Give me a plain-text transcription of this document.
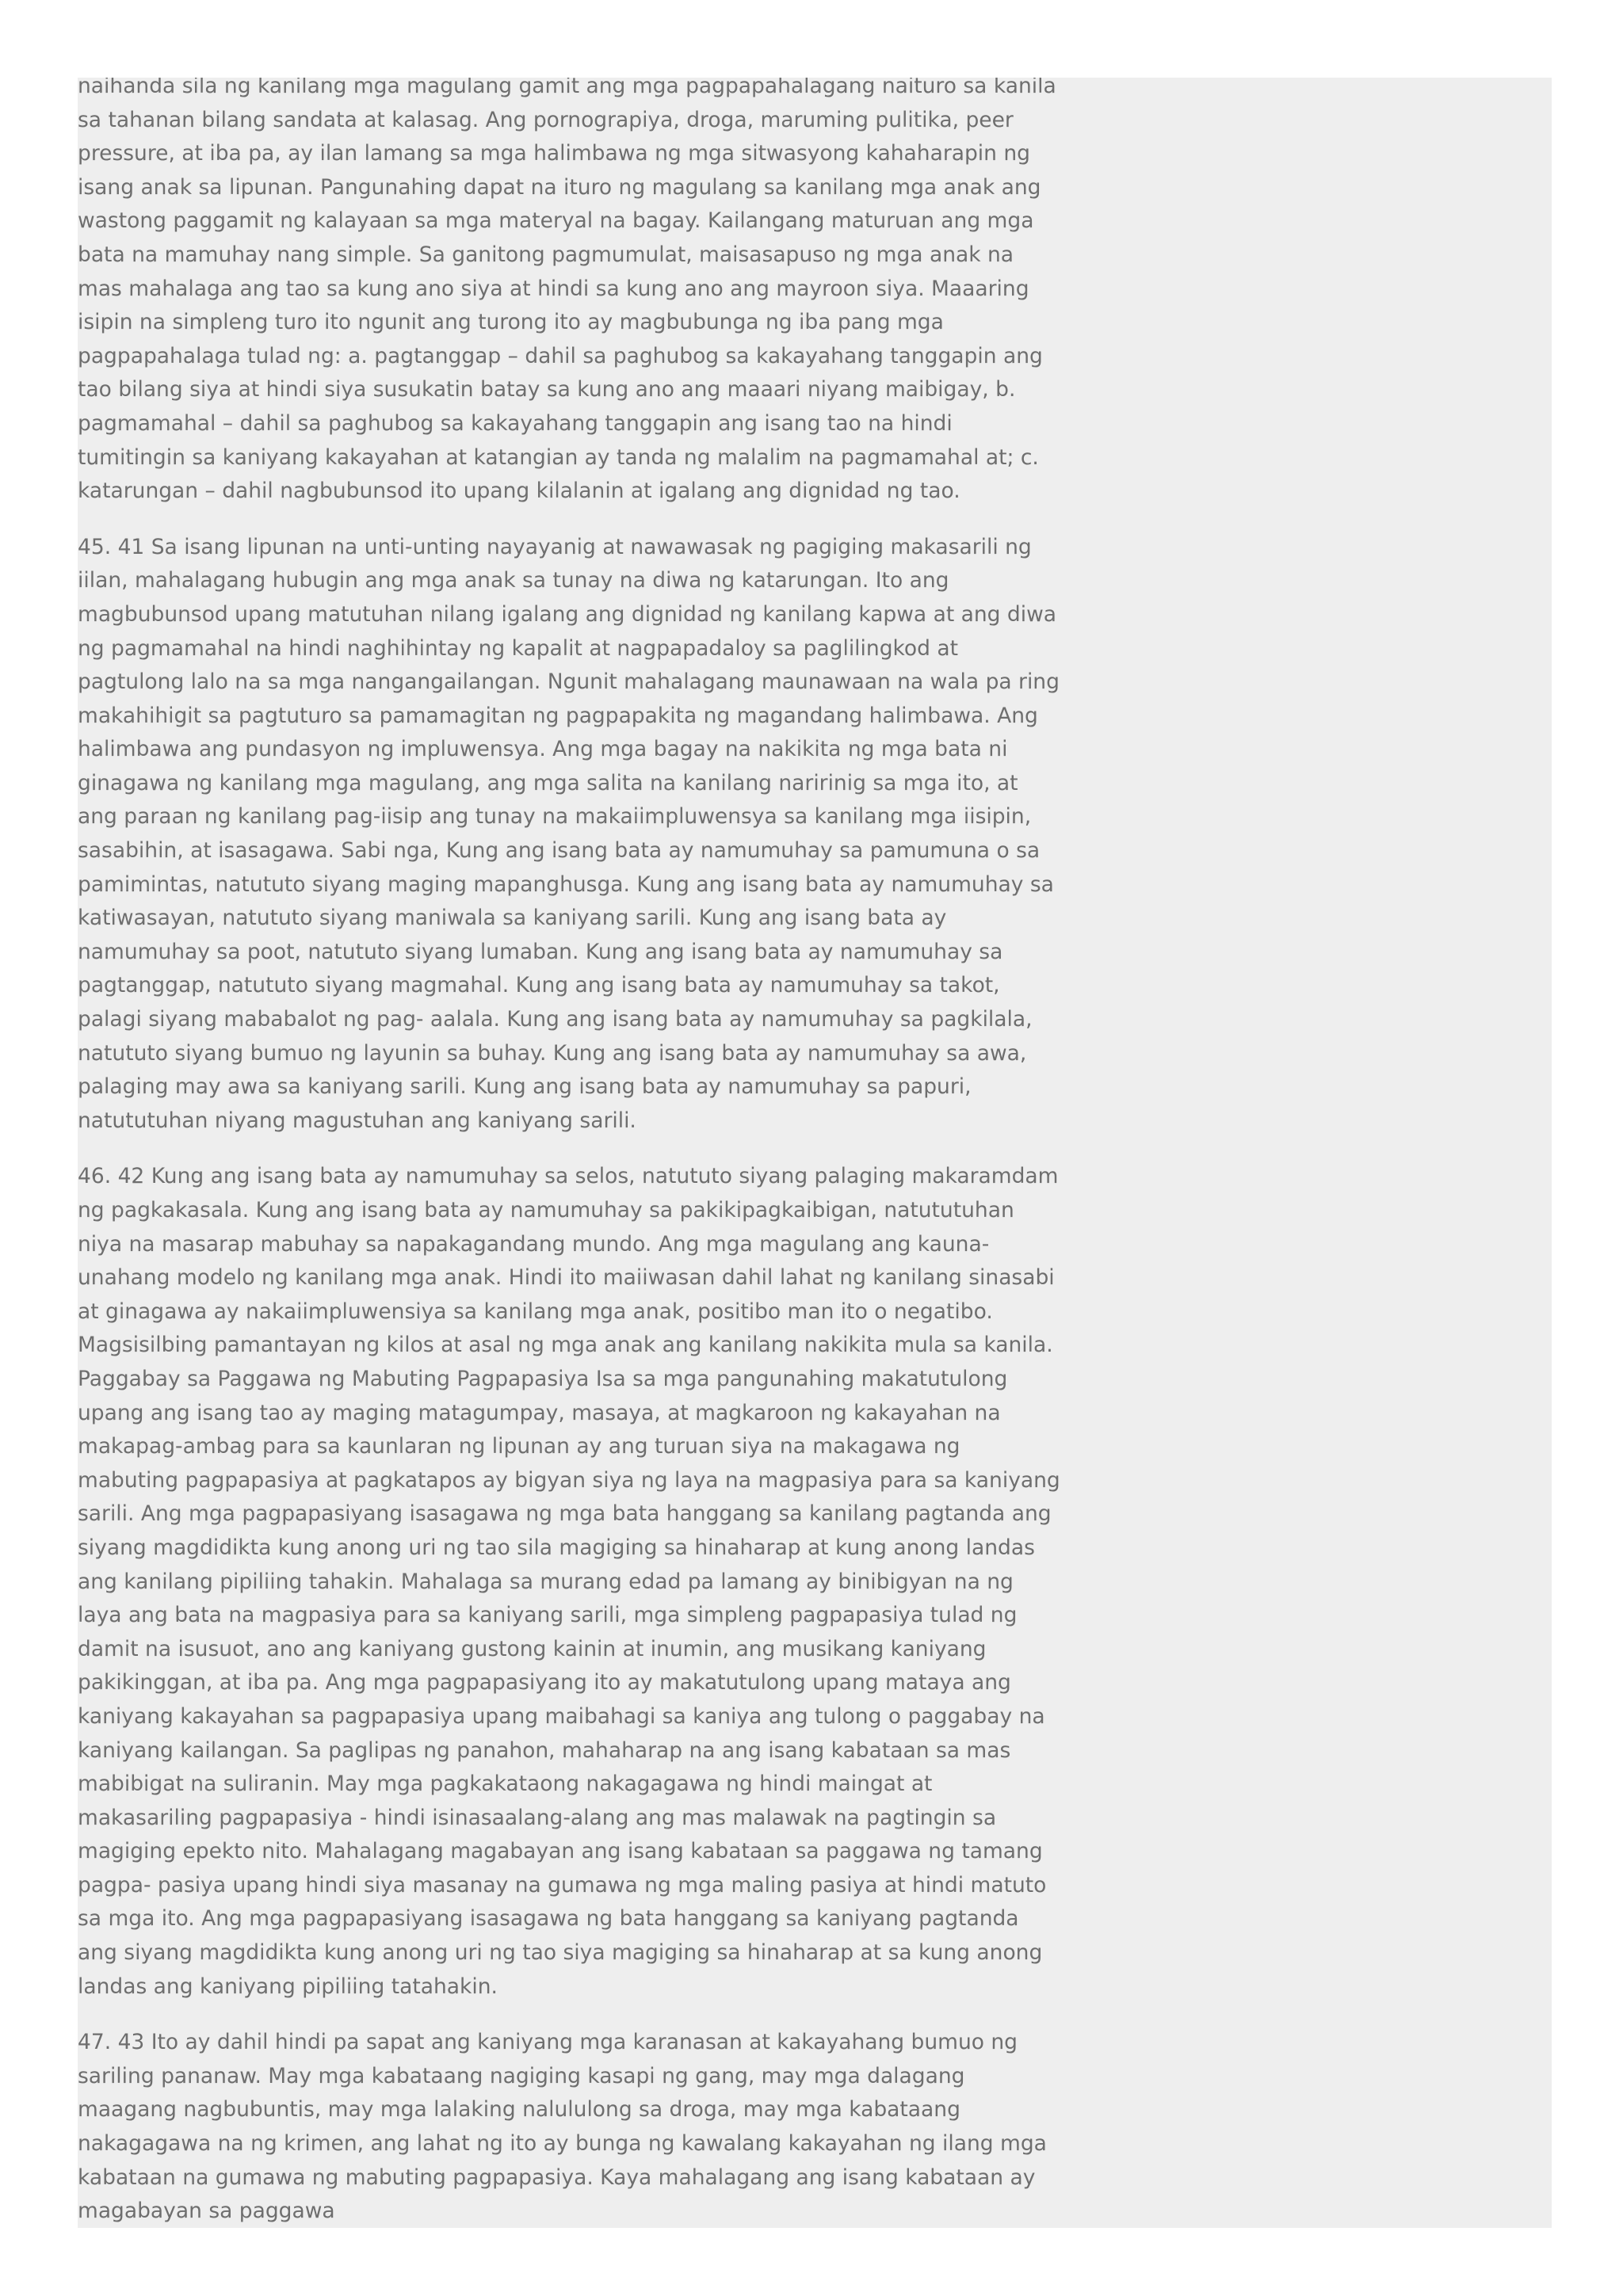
naihanda sila ng kanilang mga magulang gamit ang mga pagpapahalagang naituro sa kanila sa tahanan bilang sandata at kalasag. Ang pornograpiya, droga, maruming pulitika, peer pressure, at iba pa, ay ilan lamang sa mga halimbawa ng mga sitwasyong kahaharapin ng isang anak sa lipunan. Pangunahing dapat na ituro ng magulang sa kanilang mga anak ang wastong paggamit ng kalayaan sa mga materyal na bagay. Kailangang maturuan ang mga bata na mamuhay nang simple. Sa ganitong pagmumulat, maisasapuso ng mga anak na mas mahalaga ang tao sa kung ano siya at hindi sa kung ano ang mayroon siya. Maaaring isipin na simpleng turo ito ngunit ang turong ito ay magbubunga ng iba pang mga pagpapahalaga tulad ng: a. pagtanggap – dahil sa paghubog sa kakayahang tanggapin ang tao bilang siya at hindi siya susukatin batay sa kung ano ang maaari niyang maibigay, b. pagmamahal – dahil sa paghubog sa kakayahang tanggapin ang isang tao na hindi tumitingin sa kaniyang kakayahan at katangian ay tanda ng malalim na pagmamahal at; c. katarungan – dahil nagbubunsod ito upang kilalanin at igalang ang dignidad ng tao.

45. 41 Sa isang lipunan na unti-unting nayayanig at nawawasak ng pagiging makasarili ng iilan, mahalagang hubugin ang mga anak sa tunay na diwa ng katarungan. Ito ang magbubunsod upang matutuhan nilang igalang ang dignidad ng kanilang kapwa at ang diwa ng pagmamahal na hindi naghihintay ng kapalit at nagpapadaloy sa paglilingkod at pagtulong lalo na sa mga nangangailangan. Ngunit mahalagang maunawaan na wala pa ring makahihigit sa pagtuturo sa pamamagitan ng pagpapakita ng magandang halimbawa. Ang halimbawa ang pundasyon ng impluwensya. Ang mga bagay na nakikita ng mga bata ni ginagawa ng kanilang mga magulang, ang mga salita na kanilang naririnig sa mga ito, at ang paraan ng kanilang pag-iisip ang tunay na makaiimpluwensya sa kanilang mga iisipin, sasabihin, at isasagawa. Sabi nga, Kung ang isang bata ay namumuhay sa pamumuna o sa pamimintas, natututo siyang maging mapanghusga. Kung ang isang bata ay namumuhay sa katiwasayan, natututo siyang maniwala sa kaniyang sarili. Kung ang isang bata ay namumuhay sa poot, natututo siyang lumaban. Kung ang isang bata ay namumuhay sa pagtanggap, natututo siyang magmahal. Kung ang isang bata ay namumuhay sa takot, palagi siyang mababalot ng pag- aalala. Kung ang isang bata ay namumuhay sa pagkilala, natututo siyang bumuo ng layunin sa buhay. Kung ang isang bata ay namumuhay sa awa, palaging may awa sa kaniyang sarili. Kung ang isang bata ay namumuhay sa papuri, natututuhan niyang magustuhan ang kaniyang sarili.

46. 42 Kung ang isang bata ay namumuhay sa selos, natututo siyang palaging makaramdam ng pagkakasala. Kung ang isang bata ay namumuhay sa pakikipagkaibigan, natututuhan niya na masarap mabuhay sa napakagandang mundo. Ang mga magulang ang kauna-unahang modelo ng kanilang mga anak. Hindi ito maiiwasan dahil lahat ng kanilang sinasabi at ginagawa ay nakaiimpluwensiya sa kanilang mga anak, positibo man ito o negatibo. Magsisilbing pamantayan ng kilos at asal ng mga anak ang kanilang nakikita mula sa kanila. Paggabay sa Paggawa ng Mabuting Pagpapasiya Isa sa mga pangunahing makatutulong upang ang isang tao ay maging matagumpay, masaya, at magkaroon ng kakayahan na makapag-ambag para sa kaunlaran ng lipunan ay ang turuan siya na makagawa ng mabuting pagpapasiya at pagkatapos ay bigyan siya ng laya na magpasiya para sa kaniyang sarili. Ang mga pagpapasiyang isasagawa ng mga bata hanggang sa kanilang pagtanda ang siyang magdidikta kung anong uri ng tao sila magiging sa hinaharap at kung anong landas ang kanilang pipiliing tahakin. Mahalaga sa murang edad pa lamang ay binibigyan na ng laya ang bata na magpasiya para sa kaniyang sarili, mga simpleng pagpapasiya tulad ng damit na isusuot, ano ang kaniyang gustong kainin at inumin, ang musikang kaniyang pakikinggan, at iba pa. Ang mga pagpapasiyang ito ay makatutulong upang mataya ang kaniyang kakayahan sa pagpapasiya upang maibahagi sa kaniya ang tulong o paggabay na kaniyang kailangan. Sa paglipas ng panahon, mahaharap na ang isang kabataan sa mas mabibigat na suliranin. May mga pagkakataong nakagagawa ng hindi maingat at makasariling pagpapasiya - hindi isinasaalang-alang ang mas malawak na pagtingin sa magiging epekto nito. Mahalagang magabayan ang isang kabataan sa paggawa ng tamang pagpa- pasiya upang hindi siya masanay na gumawa ng mga maling pasiya at hindi matuto sa mga ito. Ang mga pagpapasiyang isasagawa ng bata hanggang sa kaniyang pagtanda ang siyang magdidikta kung anong uri ng tao siya magiging sa hinaharap at sa kung anong landas ang kaniyang pipiliing tatahakin.

47. 43 Ito ay dahil hindi pa sapat ang kaniyang mga karanasan at kakayahang bumuo ng sariling pananaw. May mga kabataang nagiging kasapi ng gang, may mga dalagang maagang nagbubuntis, may mga lalaking nalululong sa droga, may mga kabataang nakagagawa na ng krimen, ang lahat ng ito ay bunga ng kawalang kakayahan ng ilang mga kabataan na gumawa ng mabuting pagpapasiya. Kaya mahalagang ang isang kabataan ay magabayan sa paggawa
